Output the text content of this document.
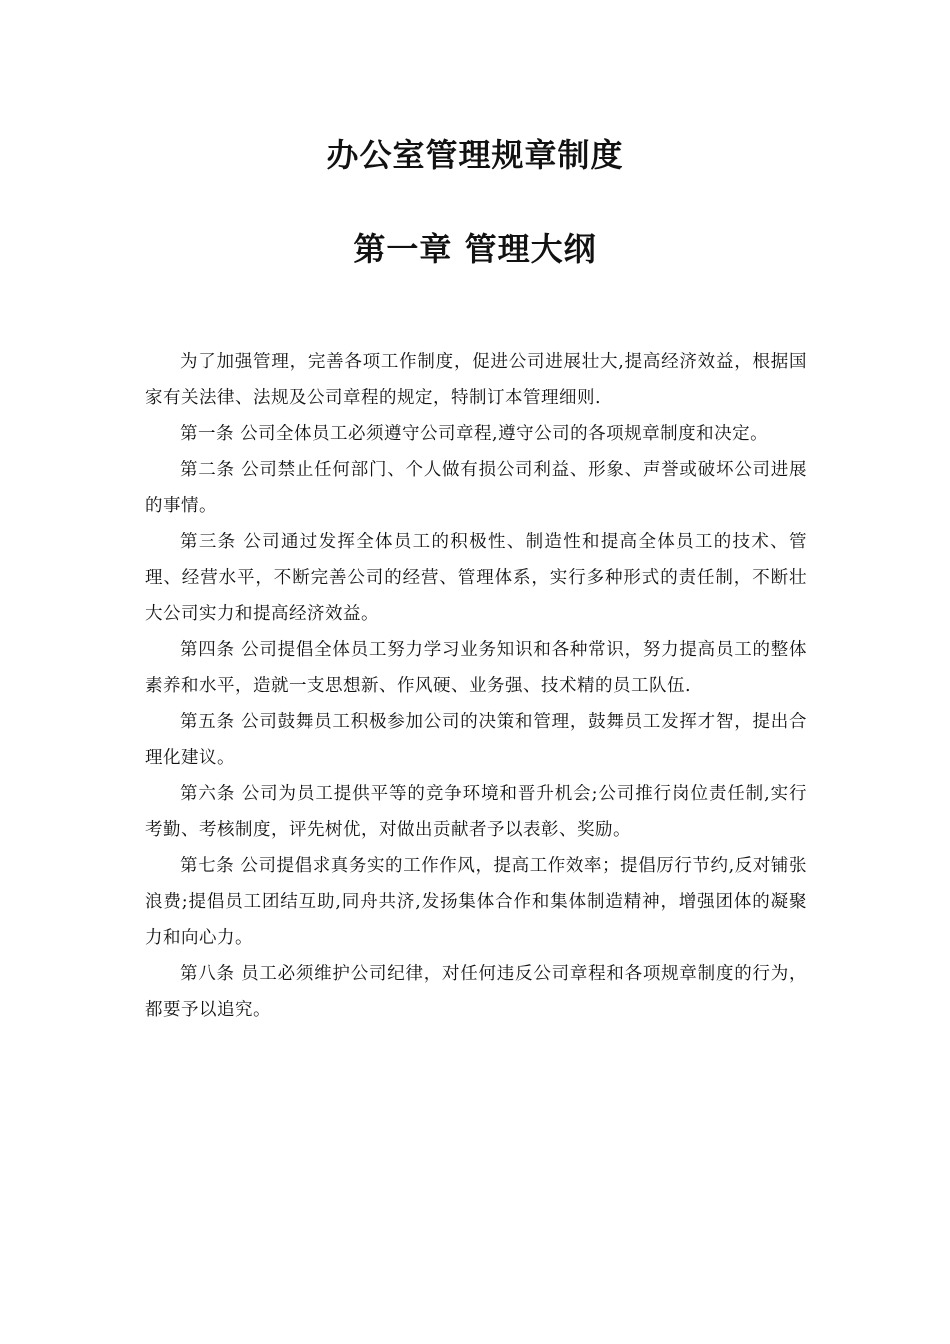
办公室管理规章制度
第一章 管理大纲

为了加强管理，完善各项工作制度，促进公司进展壮大,提高经济效益，根据国家有关法律、法规及公司章程的规定，特制订本管理细则.

第一条 公司全体员工必须遵守公司章程,遵守公司的各项规章制度和决定。

第二条 公司禁止任何部门、个人做有损公司利益、形象、声誉或破坏公司进展的事情。

第三条 公司通过发挥全体员工的积极性、制造性和提高全体员工的技术、管理、经营水平，不断完善公司的经营、管理体系，实行多种形式的责任制，不断壮大公司实力和提高经济效益。

第四条 公司提倡全体员工努力学习业务知识和各种常识，努力提高员工的整体素养和水平，造就一支思想新、作风硬、业务强、技术精的员工队伍.

第五条 公司鼓舞员工积极参加公司的决策和管理，鼓舞员工发挥才智，提出合理化建议。

第六条 公司为员工提供平等的竞争环境和晋升机会;公司推行岗位责任制,实行考勤、考核制度，评先树优，对做出贡献者予以表彰、奖励。

第七条 公司提倡求真务实的工作作风，提高工作效率；提倡厉行节约,反对铺张浪费;提倡员工团结互助,同舟共济,发扬集体合作和集体制造精神，增强团体的凝聚力和向心力。

第八条 员工必须维护公司纪律，对任何违反公司章程和各项规章制度的行为，都要予以追究。
